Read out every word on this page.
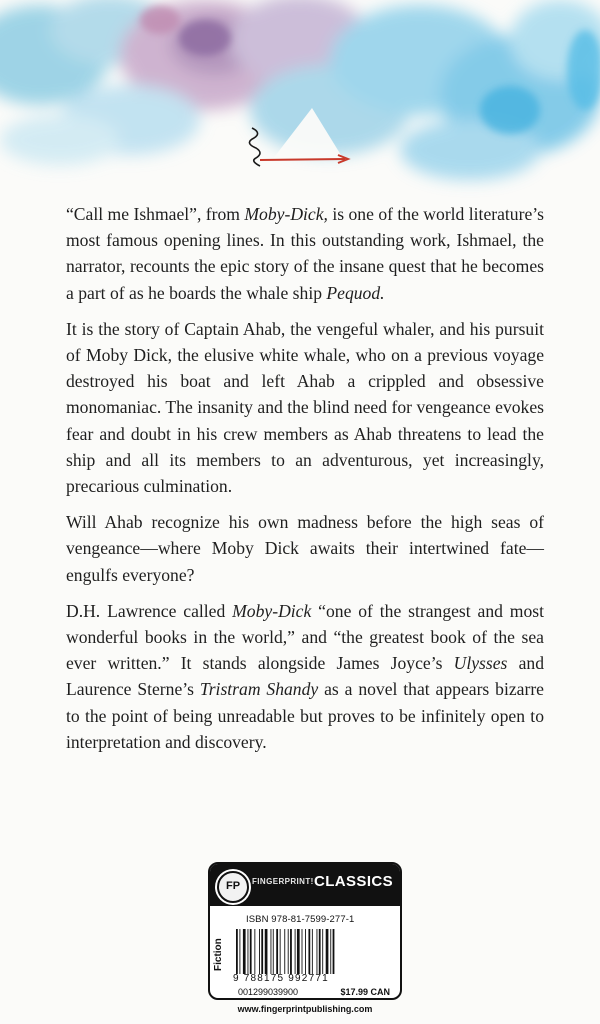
“Call me Ishmael”, from Moby-Dick, is one of the world literature’s most famous opening lines. In this outstanding work, Ishmael, the narrator, recounts the epic story of the insane quest that he becomes a part of as he boards the whale ship Pequod.

It is the story of Captain Ahab, the vengeful whaler, and his pursuit of Moby Dick, the elusive white whale, who on a previous voyage destroyed his boat and left Ahab a crippled and obsessive monomaniac. The insanity and the blind need for vengeance evokes fear and doubt in his crew members as Ahab threatens to lead the ship and all its members to an adventurous, yet increasingly, precarious culmination.

Will Ahab recognize his own madness before the high seas of vengeance—where Moby Dick awaits their intertwined fate—engulfs everyone?

D.H. Lawrence called Moby-Dick “one of the strangest and most wonderful books in the world,” and “the greatest book of the sea ever written.” It stands alongside James Joyce’s Ulysses and Laurence Sterne’s Tristram Shandy as a novel that appears bizarre to the point of being unreadable but proves to be infinitely open to interpretation and discovery.

FP	FINGERPRINT! CLASSICS
Fiction
ISBN 978-81-7599-277-1
9 788175 992771
001299039900	$17.99 CAN
www.fingerprintpublishing.com
